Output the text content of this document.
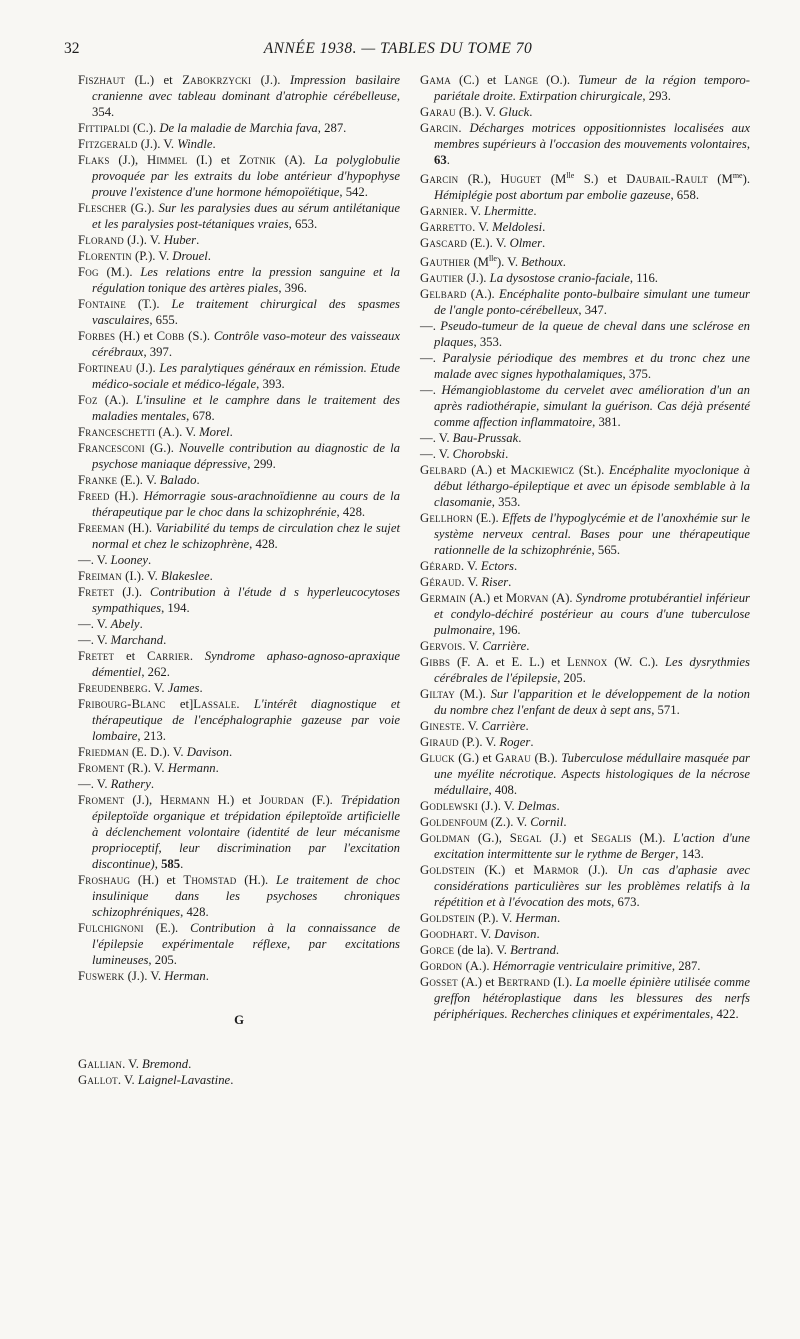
32	ANNÉE 1938. — TABLES DU TOME 70

Fiszhaut (L.) et Zabokrzycki (J.). Impression basilaire cranienne avec tableau dominant d'atrophie cérébelleuse, 354.

Fittipaldi (C.). De la maladie de Marchia fava, 287.

Fitzgerald (J.). V. Windle.

Flaks (J.), Himmel (I.) et Zotnik (A). La polyglobulie provoquée par les extraits du lobe antérieur d'hypophyse prouve l'existence d'une hormone hémopoïétique, 542.

Flescher (G.). Sur les paralysies dues au sérum antilétanique et les paralysies post-tétaniques vraies, 653.

Florand (J.). V. Huber.

Florentin (P.). V. Drouel.

Fog (M.). Les relations entre la pression sanguine et la régulation tonique des artères piales, 396.

Fontaine (T.). Le traitement chirurgical des spasmes vasculaires, 655.

Forbes (H.) et Cobb (S.). Contrôle vaso-moteur des vaisseaux cérébraux, 397.

Fortineau (J.). Les paralytiques généraux en rémission. Etude médico-sociale et médico-légale, 393.

Foz (A.). L'insuline et le camphre dans le traitement des maladies mentales, 678.

Franceschetti (A.). V. Morel.

Francesconi (G.). Nouvelle contribution au diagnostic de la psychose maniaque dépressive, 299.

Franke (E.). V. Balado.

Freed (H.). Hémorragie sous-arachnoïdienne au cours de la thérapeutique par le choc dans la schizophrénie, 428.

Freeman (H.). Variabilité du temps de circulation chez le sujet normal et chez le schizophrène, 428.

—. V. Looney.

Freiman (I.). V. Blakeslee.

Fretet (J.). Contribution à l'étude d s hyperleucocytoses sympathiques, 194.

—. V. Abely.

—. V. Marchand.

Fretet et Carrier. Syndrome aphaso-agnoso-apraxique démentiel, 262.

Freudenberg. V. James.

Fribourg-Blanc et]Lassale. L'intérêt diagnostique et thérapeutique de l'encéphalographie gazeuse par voie lombaire, 213.

Friedman (E. D.). V. Davison.

Froment (R.). V. Hermann.

—. V. Rathery.

Froment (J.), Hermann H.) et Jourdan (F.). Trépidation épileptoïde organique et trépidation épileptoïde artificielle à déclenchement volontaire (identité de leur mécanisme proprioceptif, leur discrimination par l'excitation discontinue), 585.

Froshaug (H.) et Thomstad (H.). Le traitement de choc insulinique dans les psychoses chroniques schizophréniques, 428.

Fulchignoni (E.). Contribution à la connaissance de l'épilepsie expérimentale réflexe, par excitations lumineuses, 205.

Fuswerk (J.). V. Herman.

G

Gallian. V. Bremond.

Gallot. V. Laignel-Lavastine.

Gama (C.) et Lange (O.). Tumeur de la région temporo-pariétale droite. Extirpation chirurgicale, 293.

Garau (B.). V. Gluck.

Garcin. Décharges motrices oppositionnistes localisées aux membres supérieurs à l'occasion des mouvements volontaires, 63.

Garcin (R.), Huguet ($M^{lle}$ S.) et Daubail-Rault $(M^{me})$. Hémiplégie post abortum par embolie gazeuse, 658.

Garnier. V. Lhermitte.

Garretto. V. Meldolesi.

Gascard (E.). V. Olmer.

Gauthier $(M^{lle})$. V. Bethoux.

Gautier (J.). La dysostose cranio-faciale, 116.

Gelbard (A.). Encéphalite ponto-bulbaire simulant une tumeur de l'angle ponto-cérébelleux, 347.

—. Pseudo-tumeur de la queue de cheval dans une sclérose en plaques, 353.

—. Paralysie périodique des membres et du tronc chez une malade avec signes hypothalamiques, 375.

—. Hémangioblastome du cervelet avec amélioration d'un an après radiothérapie, simulant la guérison. Cas déjà présenté comme affection inflammatoire, 381.

—. V. Bau-Prussak.

—. V. Chorobski.

Gelbard (A.) et Mackiewicz (St.). Encéphalite myoclonique à début léthargo-épileptique et avec un épisode semblable à la clasomanie, 353.

Gellhorn (E.). Effets de l'hypoglycémie et de l'anoxhémie sur le système nerveux central. Bases pour une thérapeutique rationnelle de la schizophrénie, 565.

Gérard. V. Ectors.

Géraud. V. Riser.

Germain (A.) et Morvan (A). Syndrome protubérantiel inférieur et condylo-déchiré postérieur au cours d'une tuberculose pulmonaire, 196.

Gervois. V. Carrière.

Gibbs (F. A. et E. L.) et Lennox (W. C.). Les dysrythmies cérébrales de l'épilepsie, 205.

Giltay (M.). Sur l'apparition et le développement de la notion du nombre chez l'enfant de deux à sept ans, 571.

Gineste. V. Carrière.

Giraud (P.). V. Roger.

Gluck (G.) et Garau (B.). Tuberculose médullaire masquée par une myélite nécrotique. Aspects histologiques de la nécrose médullaire, 408.

Godlewski (J.). V. Delmas.

Goldenfoum (Z.). V. Cornil.

Goldman (G.), Segal (J.) et Segalis (M.). L'action d'une excitation intermittente sur le rythme de Berger, 143.

Goldstein (K.) et Marmor (J.). Un cas d'aphasie avec considérations particulières sur les problèmes relatifs à la répétition et à l'évocation des mots, 673.

Goldstein (P.). V. Herman.

Goodhart. V. Davison.

Gorce (de la). V. Bertrand.

Gordon (A.). Hémorragie ventriculaire primitive, 287.

Gosset (A.) et Bertrand (I.). La moelle épinière utilisée comme greffon hétéroplastique dans les blessures des nerfs périphériques. Recherches cliniques et expérimentales, 422.
